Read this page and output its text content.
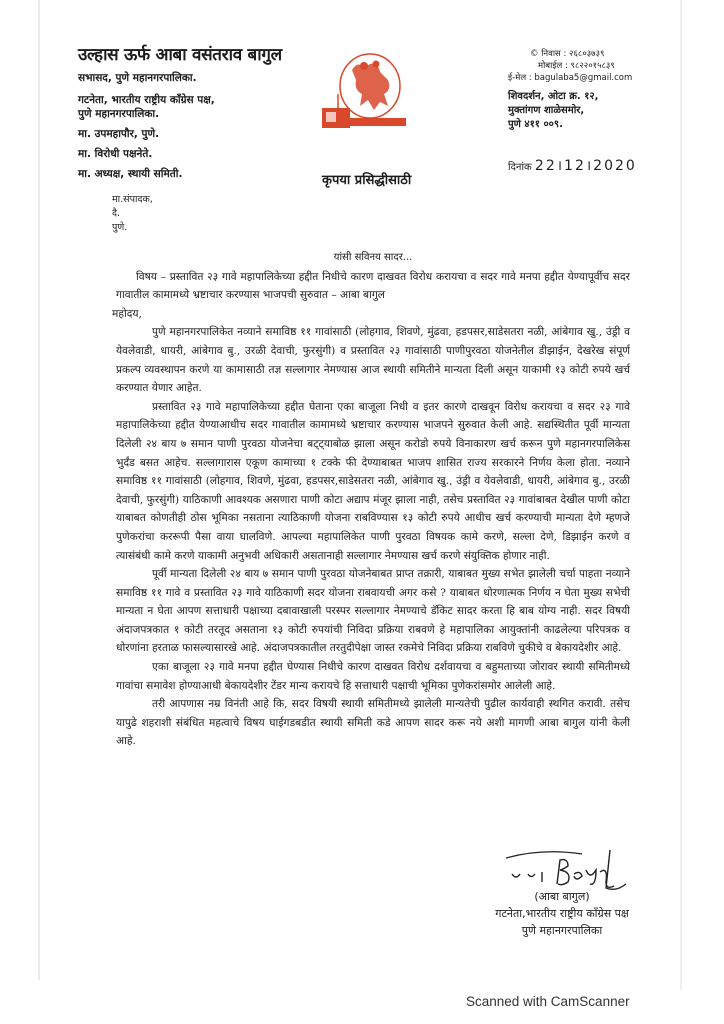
उल्हास ऊर्फ आबा वसंतराव बागुल
सभासद, पुणे महानगरपालिका.
गटनेता, भारतीय राष्ट्रीय काँग्रेस पक्ष,
पुणे महानगरपालिका.
मा. उपमहापौर, पुणे.
मा. विरोधी पक्षनेते.
मा. अध्यक्ष, स्थायी समिती.
मा.संपादक,
दै.
पुणे.
© निवास : २६८०३७३९
मोबाईल : ९८२२०१५८३९
ई-मेल : bagulaba5@gmail.com
शिवदर्शन, ओटा क्र. १२,
मुक्तांगण शाळेसमोर,
पुणे ४११ ००९.
दिनांक 22।12।2020
कृपया प्रसिद्धीसाठी
यांसी सविनय सादर...

विषय – प्रस्तावित २३ गावे महापालिकेच्या हद्दीत निधीचे कारण दाखवत विरोध करायचा व सदर गावे मनपा हद्दीत येण्यापूर्वीच सदर गावातील कामामध्ये भ्रष्टाचार करण्यास भाजपची सुरुवात – आबा बागुल

महोदय,

पुणे महानगरपालिकेत नव्याने समाविष्ठ ११ गावांसाठी (लोहगाव, शिवणे, मुंढवा, हडपसर,साडेसतरा नळी, आंबेगाव खु., उंड्री व येवलेवाडी, धायरी, आंबेगाव बु., उरळी देवाची, फुरसुंगी) व प्रस्तावित २३ गावांसाठी पाणीपुरवठा योजनेतील डीझाईन, देखरेख संपूर्ण प्रकल्प व्यवस्थापन करणे या कामासाठी तज्ञ सल्लागार नेमण्यास आज स्थायी समितीने मान्यता दिली असून याकामी १३ कोटी रुपये खर्च करण्यात येणार आहेत.

प्रस्तावित २३ गावे महापालिकेच्या हद्दीत घेताना एका बाजूला निधी व इतर कारणे दाखवून विरोध करायचा व सदर २३ गावे महापालिकेच्या हद्दीत येण्याआधीच सदर गावातील कामामध्ये भ्रष्टाचार करण्यास भाजपने सुरुवात केली आहे. सद्यस्थितीत पूर्वी मान्यता दिलेली २४ बाय ७ समान पाणी पुरवठा योजनेचा बट्ट्याबोळ झाला असून करोडो रुपये विनाकारण खर्च करून पुणे महानगरपालिकेस भुर्दंड बसत आहेच. सल्लागारास एकूण कामाच्या १ टक्के फी देण्याबाबत भाजप शासित राज्य सरकारने निर्णय केला होता. नव्याने समाविष्ठ ११ गावांसाठी (लोहगाव, शिवणे, मुंढवा, हडपसर,साडेसतरा नळी, आंबेगाव खु., उंड्री व येवलेवाडी, धायरी, आंबेगाव बु., उरळी देवाची, फुरसुंगी) याठिकाणी आवश्यक असणारा पाणी कोटा अद्याप मंजूर झाला नाही, तसेच प्रस्तावित २३ गावांबाबत देखील पाणी कोटा याबाबत कोणतीही ठोस भूमिका नसताना त्याठिकाणी योजना राबविण्यास १३ कोटी रुपये आधीच खर्च करण्याची मान्यता देणे म्हणजे पुणेकरांचा कररूपी पैसा वाया घालविणे. आपल्या महापालिकेत पाणी पुरवठा विषयक कामे करणे, सल्ला देणे, डिझाईन करणे व त्यासंबंधी कामे करणे याकामी अनुभवी अधिकारी असतानाही सल्लागार नेमण्यास खर्च करणे संयुक्तिक होणार नाही.

पूर्वी मान्यता दिलेली २४ बाय ७ समान पाणी पुरवठा योजनेबाबत प्राप्त तक्रारी, याबाबत मुख्य सभेत झालेली चर्चा पाहता नव्याने समाविष्ठ ११ गावे व प्रस्तावित २३ गावे याठिकाणी सदर योजना राबवायची अगर कसे ? याबाबत धोरणात्मक निर्णय न घेता मुख्य सभेची मान्यता न घेता आपण सत्ताधारी पक्षाच्या दबावाखाली परस्पर सल्लागार नेमण्याचे डॅकिट सादर करता हि बाब योग्य नाही. सदर विषयी अंदाजपत्रकात १ कोटी तरतूद असताना १३ कोटी रुपयांची निविदा प्रक्रिया राबवणे हे महापालिका आयुक्तांनी काढलेल्या परिपत्रक व धोरणांना हरताळ फासल्यासारखे आहे. अंदाजपत्रकातील तरतुदीपेक्षा जास्त रकमेचे निविदा प्रक्रिया राबविणे चुकीचे व बेकायदेशीर आहे.

एका बाजूला २३ गावे मनपा हद्दीत घेण्यास निधीचे कारण दाखवत विरोध दर्शवायचा व बहुमताच्या जोरावर स्थायी समितीमध्ये गावांचा समावेश होण्याआधी बेकायदेशीर टेंडर मान्य करायचे हि सत्ताधारी पक्षाची भूमिका पुणेकरांसमोर आलेली आहे.

तरी आपणास नम्र विनंती आहे कि, सदर विषयी स्थायी समितीमध्ये झालेली मान्यतेची पुढील कार्यवाही स्थगित करावी. तसेच यापुढे शहराशी संबंधित महत्वाचे विषय घाईगडबडीत स्थायी समिती कडे आपण सादर करू नये अशी मागणी आबा बागुल यांनी केली आहे.

(आबा बागुल)
गटनेता,भारतीय राष्ट्रीय काँग्रेस पक्ष
पुणे महानगरपालिका
Scanned with CamScanner
